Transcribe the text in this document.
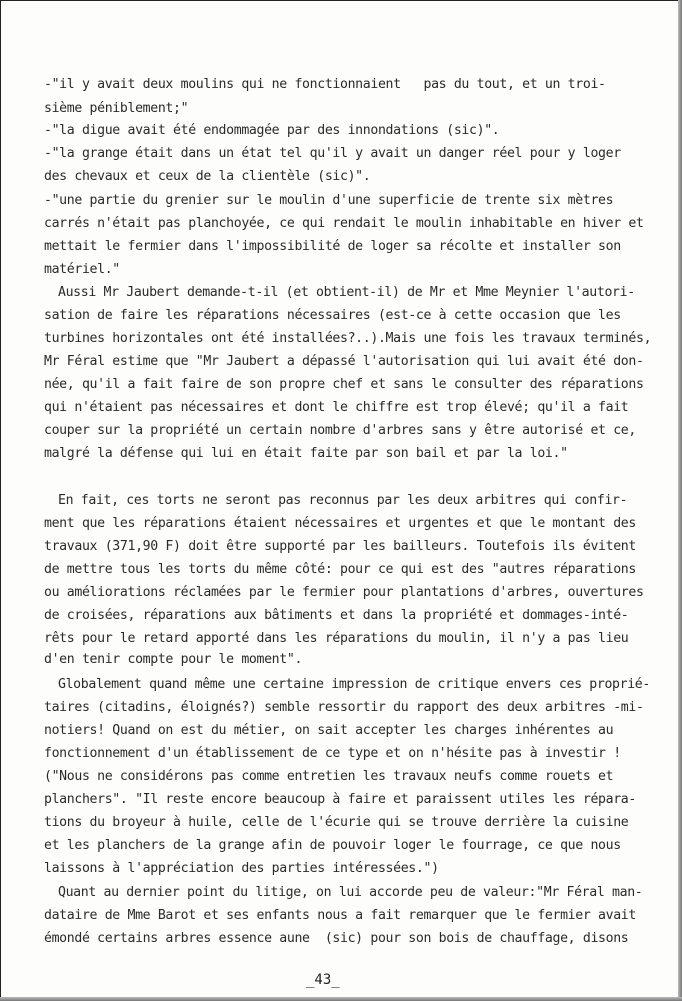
-"il y avait deux moulins qui ne fonctionnaient   pas du tout, et un troi-
sième péniblement;"
-"la digue avait été endommagée par des innondations (sic)".
-"la grange était dans un état tel qu'il y avait un danger réel pour y loger
des chevaux et ceux de la clientèle (sic)".
-"une partie du grenier sur le moulin d'une superficie de trente six mètres
carrés n'était pas planchoyée, ce qui rendait le moulin inhabitable en hiver et
mettait le fermier dans l'impossibilité de loger sa récolte et installer son
matériel."
Aussi Mr Jaubert demande-t-il (et obtient-il) de Mr et Mme Meynier l'autori-
sation de faire les réparations nécessaires (est-ce à cette occasion que les
turbines horizontales ont été installées?..).Mais une fois les travaux terminés,
Mr Féral estime que "Mr Jaubert a dépassé l'autorisation qui lui avait été don-
née, qu'il a fait faire de son propre chef et sans le consulter des réparations
qui n'étaient pas nécessaires et dont le chiffre est trop élevé; qu'il a fait
couper sur la propriété un certain nombre d'arbres sans y être autorisé et ce,
malgré la défense qui lui en était faite par son bail et par la loi."
En fait, ces torts ne seront pas reconnus par les deux arbitres qui confir-
ment que les réparations étaient nécessaires et urgentes et que le montant des
travaux (371,90 F) doit être supporté par les bailleurs. Toutefois ils évitent
de mettre tous les torts du même côté: pour ce qui est des "autres réparations
ou améliorations réclamées par le fermier pour plantations d'arbres, ouvertures
de croisées, réparations aux bâtiments et dans la propriété et dommages-inté-
rêts pour le retard apporté dans les réparations du moulin, il n'y a pas lieu
d'en tenir compte pour le moment".
Globalement quand même une certaine impression de critique envers ces proprié-
taires (citadins, éloignés?) semble ressortir du rapport des deux arbitres -mi-
notiers! Quand on est du métier, on sait accepter les charges inhérentes au
fonctionnement d'un établissement de ce type et on n'hésite pas à investir !
("Nous ne considérons pas comme entretien les travaux neufs comme rouets et
planchers". "Il reste encore beaucoup à faire et paraissent utiles les répara-
tions du broyeur à huile, celle de l'écurie qui se trouve derrière la cuisine
et les planchers de la grange afin de pouvoir loger le fourrage, ce que nous
laissons à l'appréciation des parties intéressées.")
Quant au dernier point du litige, on lui accorde peu de valeur:"Mr Féral man-
dataire de Mme Barot et ses enfants nous a fait remarquer que le fermier avait
émondé certains arbres essence aune  (sic) pour son bois de chauffage, disons
_43_
